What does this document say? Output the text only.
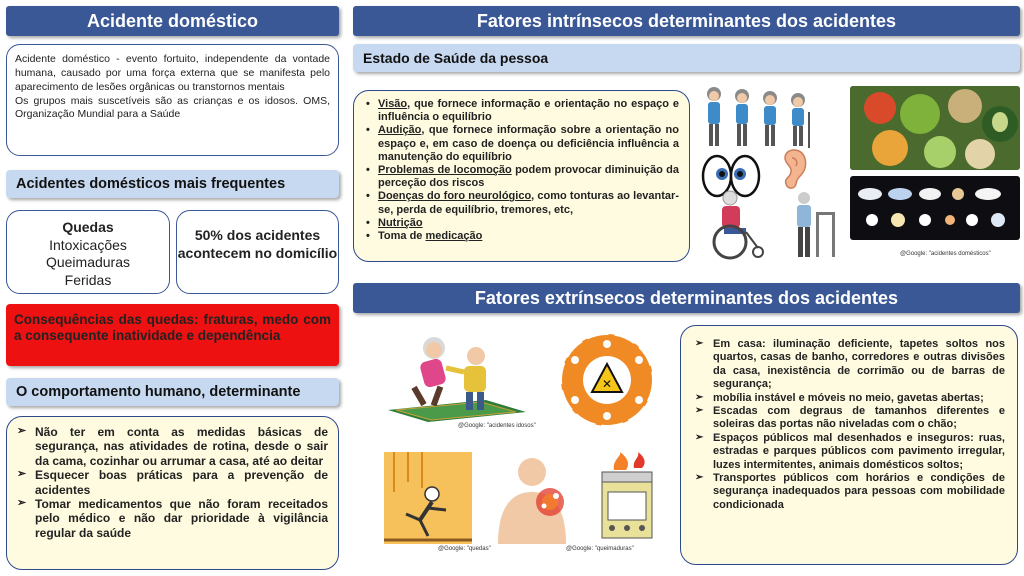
Acidente doméstico

Acidente doméstico - evento fortuito, independente da vontade humana, causado por uma força externa que se manifesta pelo aparecimento de lesões orgânicas ou transtornos mentais

Os grupos mais suscetíveis são as crianças e os idosos. OMS, Organização Mundial para a Saúde

Acidentes domésticos mais frequentes
Quedas
Intoxicações
Queimaduras
Feridas
50% dos acidentes acontecem no domicílio
Consequências das quedas: fraturas, medo com a consequente inatividade e dependência
O comportamento humano, determinante
➢ Não ter em conta as medidas básicas de segurança, nas atividades de rotina, desde o sair da cama, cozinhar ou arrumar a casa, até ao deitar
➢ Esquecer boas práticas para a prevenção de acidentes
➢ Tomar medicamentos que não foram receitados pelo médico e não dar prioridade à vigilância regular da saúde
Fatores intrínsecos determinantes dos acidentes
Estado de Saúde da pessoa
• Visão, que fornece informação e orientação no espaço e influência o equilíbrio
• Audição, que fornece informação sobre a orientação no espaço e, em caso de doença ou deficiência influência a manutenção do equilíbrio
• Problemas de locomoção podem provocar diminuição da perceção dos riscos
• Doenças do foro neurológico, como tonturas ao levantar-se, perda de equilíbrio, tremores, etc,
• Nutrição
• Toma de medicação
@Google: "acidentes domésticos"
Fatores extrínsecos determinantes dos acidentes
@Google: "acidentes idosos"
✕
@Google: "quedas"	@Google: "queimaduras"
➢ Em casa: iluminação deficiente, tapetes soltos nos quartos, casas de banho, corredores e outras divisões da casa, inexistência de corrimão ou de barras de segurança;
➢ mobília instável e móveis no meio, gavetas abertas;
➢ Escadas com degraus de tamanhos diferentes e soleiras das portas não niveladas com o chão;
➢ Espaços públicos mal desenhados e inseguros: ruas, estradas e parques públicos com pavimento irregular, luzes intermitentes, animais domésticos soltos;
➢ Transportes públicos com horários e condições de segurança inadequados para pessoas com mobilidade condicionada
